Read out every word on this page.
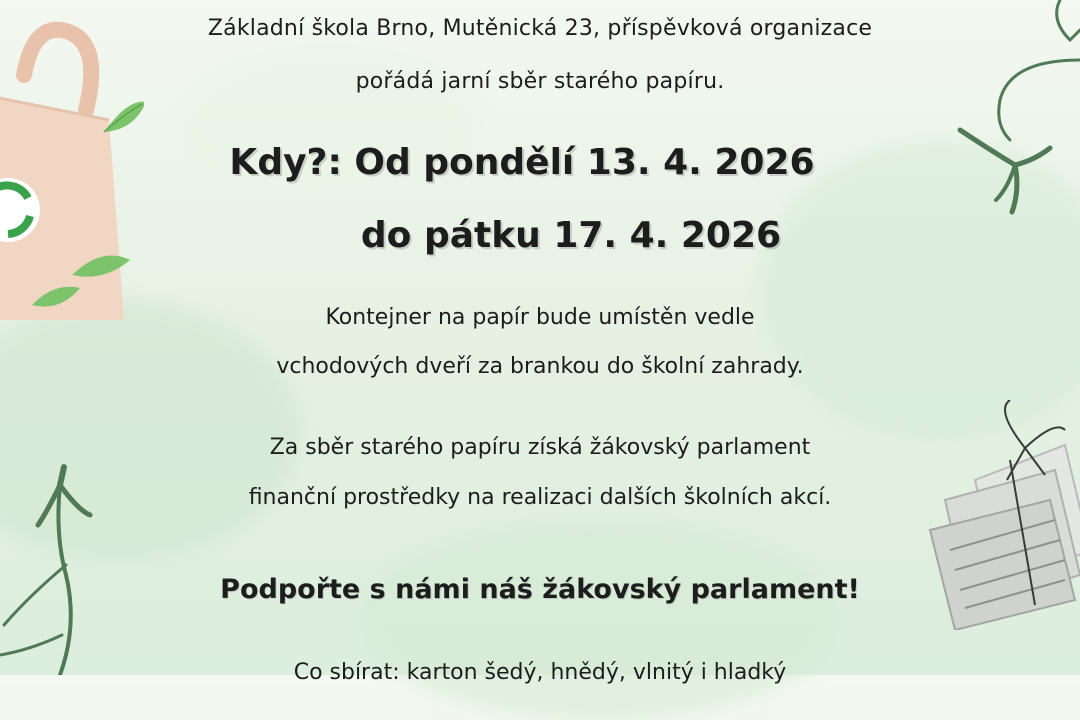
Základní škola Brno, Mutěnická 23, příspěvková organizace
pořádá jarní sběr starého papíru.
Kdy?: Od pondělí 13. 4. 2026
do pátku 17. 4. 2026
Kontejner na papír bude umístěn vedle
vchodových dveří za brankou do školní zahrady.
Za sběr starého papíru získá žákovský parlament
finanční prostředky na realizaci dalších školních akcí.
Podpořte s námi náš žákovský parlament!
Co sbírat: karton šedý, hnědý, vlnitý i hladký
